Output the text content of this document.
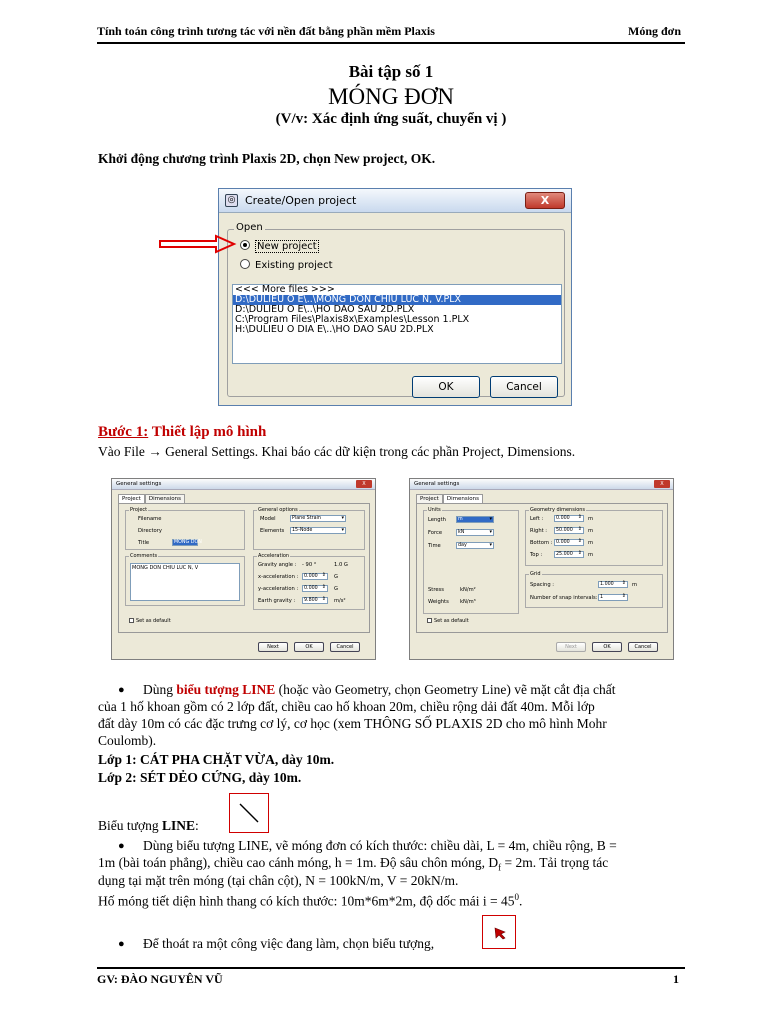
Tính toán công trình tương tác với nền đất bằng phần mềm Plaxis	Móng đơn
Bài tập số 1
MÓNG ĐƠN
(V/v: Xác định ứng suất, chuyển vị )
Khởi động chương trình Plaxis 2D, chọn New project, OK.
◎ Create/Open project	X
Open
New project
Existing project
<<< More files >>>
D:\DULIEU O E\..\MONG DON CHIU LUC N, V.PLX
D:\DULIEU O E\..\HO DAO SAU 2D.PLX
C:\Program Files\Plaxis8x\Examples\Lesson 1.PLX
H:\DULIEU O DIA E\..\HO DAO SAU 2D.PLX
OK	Cancel
Bước 1: Thiết lập mô hình
Vào File → General Settings. Khai báo các dữ kiện trong các phần Project, Dimensions.
General settings	X
Project Dimensions
Project
Filename
Directory
Title	MONG DON
General options
Model	Plane Strain ▾
Elements	15-Node ▾
Comments
MONG DON CHIU LUC N, V
Acceleration
Gravity angle : - 90 °	1.0 G
x-acceleration :	0.000 ⇕	G
y-acceleration :	0.000 ⇕	G
Earth gravity :	9.800 ⇕	m/s²
Set as default
Next	OK	Cancel
General settings	X
Project Dimensions
Units
Length	m ▾
Force	kN ▾
Time	day ▾
Stress	kN/m²
Weights kN/m³
Geometry dimensions
Left :	0.000 ⇕	m
Right :	50.000 ⇕	m
Bottom : 0.000 ⇕	m
Top :	25.000 ⇕	m
Grid
Spacing :	1.000 ⇕	m
Number of snap intervals: 1 ⇕
Set as default
Next	OK	Cancel
● Dùng biểu tượng LINE (hoặc vào Geometry, chọn Geometry Line) vẽ mặt cắt địa chất
của 1 hố khoan gồm có 2 lớp đất, chiều cao hố khoan 20m, chiều rộng dải đất 40m. Mỗi lớp
đất dày 10m có các đặc trưng cơ lý, cơ học (xem THÔNG SỐ PLAXIS 2D cho mô hình Mohr
Coulomb).
Lớp 1: CÁT PHA CHẶT VỪA, dày 10m.
Lớp 2: SÉT DẺO CỨNG, dày 10m.
Biểu tượng LINE:
● Dùng biểu tượng LINE, vẽ móng đơn có kích thước: chiều dài, L = 4m, chiều rộng, B =
1m (bài toán phẳng), chiều cao cánh móng, h = 1m. Độ sâu chôn móng, $D_f = 2m$. Tải trọng tác
dụng tại mặt trên móng (tại chân cột), N = 100kN/m, V = 20kN/m.
Hố móng tiết diện hình thang có kích thước: 10m*6m*2m, độ dốc mái $i = 45^0$.
● Để thoát ra một công việc đang làm, chọn biểu tượng,
GV: ĐÀO NGUYÊN VŨ	1
